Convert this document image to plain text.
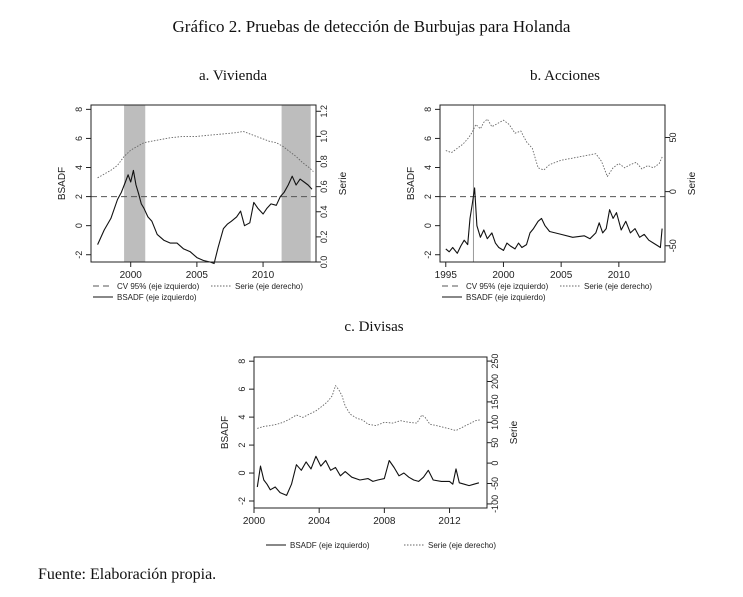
Gráfico 2. Pruebas de detección de Burbujas para Holanda
a. Vivienda
2000	2005	2010
-2
0
2
4
6
8
0.0
0.2
0.4
0.6
0.8
1.0
1.2
BSADF	Serie
CV 95% (eje izquierdo)	Serie (eje derecho)
BSADF (eje izquierdo)
b. Acciones
1995	2000	2005	2010
-2
0
2
4
6
8
-50
0
50
BSADF	Serie
CV 95% (eje izquierdo)	Serie (eje derecho)
BSADF (eje izquierdo)
c. Divisas
2000	2004	2008	2012
-2
0
2
4
6
8
-100
-50
0
50
100
150
200
250
BSADF	Serie
BSADF (eje izquierdo)	Serie (eje derecho)
Fuente: Elaboración propia.
